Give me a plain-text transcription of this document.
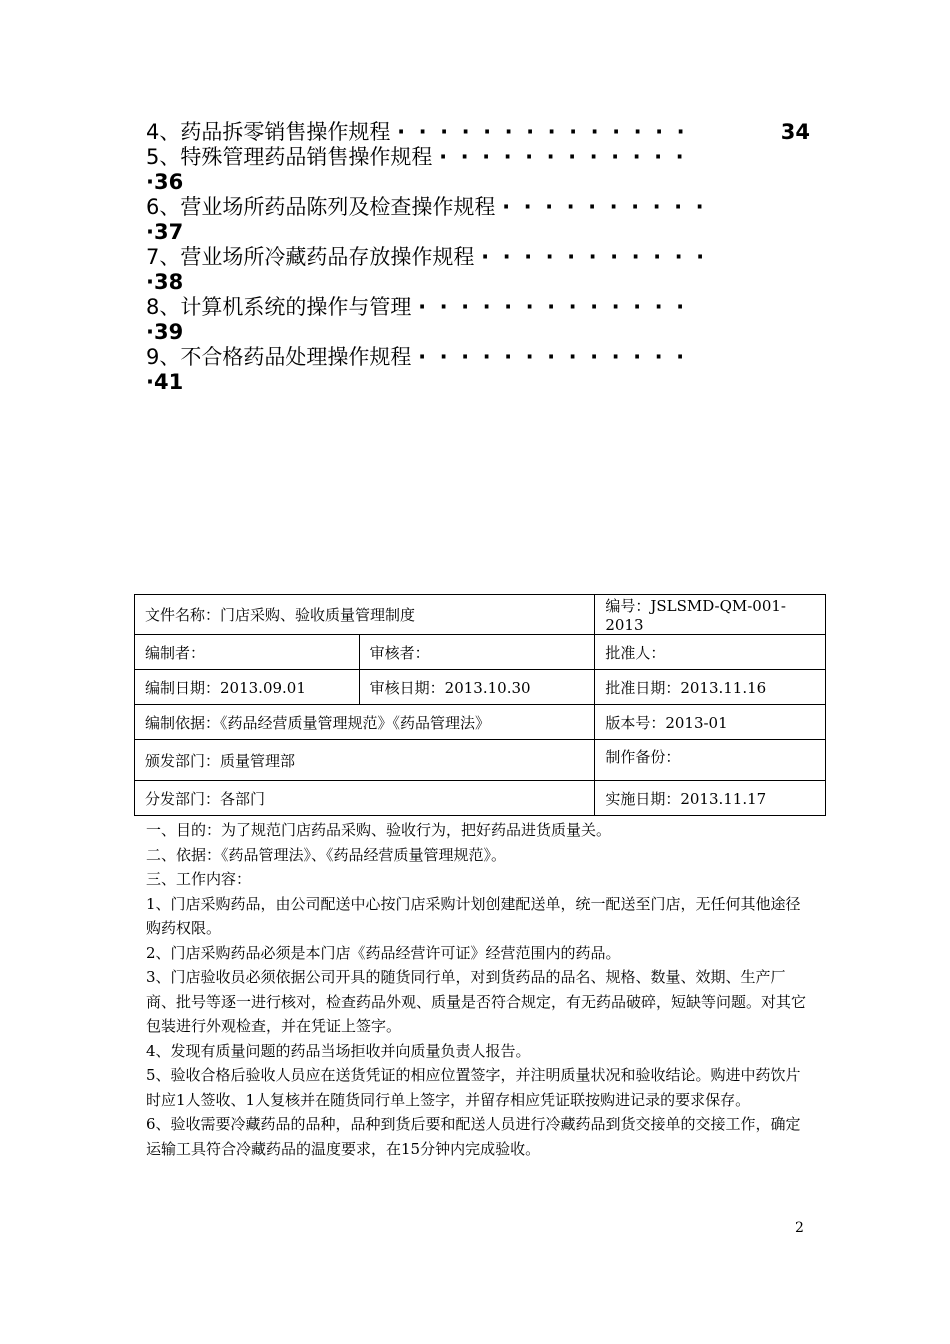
4、药品拆零销售操作规程 · · · · · · · · · · · · · ·	34
5、特殊管理药品销售操作规程 · · · · · · · · · · · ·
·36
6、营业场所药品陈列及检查操作规程 · · · · · · · · · ·
·37
7、营业场所冷藏药品存放操作规程 · · · · · · · · · · ·
·38
8、计算机系统的操作与管理 · · · · · · · · · · · · ·
·39
9、不合格药品处理操作规程 · · · · · · · · · · · · ·
·41
文件名称：门店采购、验收质量管理制度		编号：JSLSMD-QM-001-2013
编制者：	审核者：	批准人：
编制日期：2013.09.01	审核日期：2013.10.30	批准日期：2013.11.16
编制依据：《药品经营质量管理规范》《药品管理法》		版本号：2013-01
颁发部门：质量管理部		制作备份：
分发部门：各部门		实施日期：2013.11.17

一、目的：为了规范门店药品采购、验收行为，把好药品进货质量关。

二、依据：《药品管理法》、《药品经营质量管理规范》。

三、工作内容：

1、门店采购药品，由公司配送中心按门店采购计划创建配送单，统一配送至门店，无任何其他途径购药权限。

2、门店采购药品必须是本门店《药品经营许可证》经营范围内的药品。

3、门店验收员必须依据公司开具的随货同行单，对到货药品的品名、规格、数量、效期、生产厂商、批号等逐一进行核对，检查药品外观、质量是否符合规定，有无药品破碎，短缺等问题。对其它包装进行外观检查，并在凭证上签字。

4、发现有质量问题的药品当场拒收并向质量负责人报告。

5、验收合格后验收人员应在送货凭证的相应位置签字，并注明质量状况和验收结论。购进中药饮片时应1人签收、1人复核并在随货同行单上签字，并留存相应凭证联按购进记录的要求保存。

6、验收需要冷藏药品的品种，品种到货后要和配送人员进行冷藏药品到货交接单的交接工作，确定运输工具符合冷藏药品的温度要求，在15分钟内完成验收。

2
